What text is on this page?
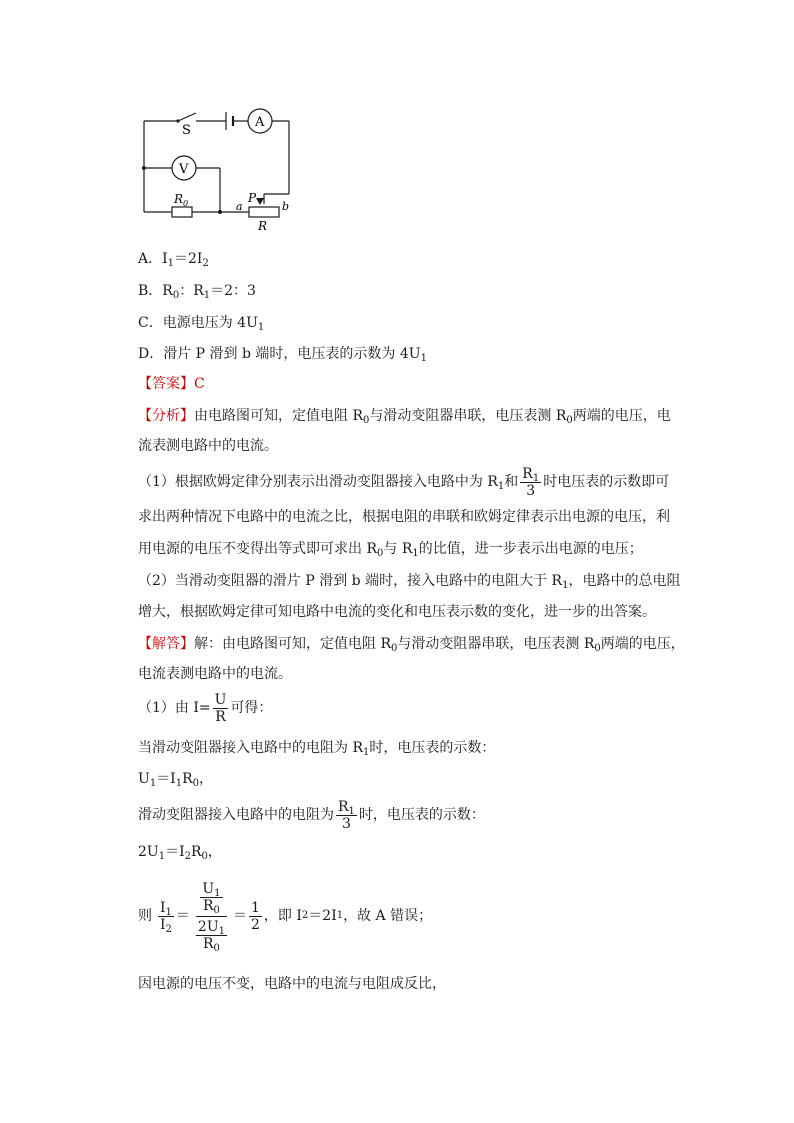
S
A
V
$R_0$	P
a	b
R
A．$I_1=2I_2$
B．$R_0$：$R_1=2$：3
C．电源电压为 $4U_1$
D．滑片 P 滑到 b 端时，电压表的示数为 $4U_1$
【答案】C
【分析】由电路图可知，定值电阻 $R_0$与滑动变阻器串联，电压表测 $R_0$两端的电压，电
流表测电路中的电流。
（1）根据欧姆定律分别表示出滑动变阻器接入电路中为 $R_1$和 $\frac{R_1}{3}$ 时电压表的示数即可
求出两种情况下电路中的电流之比，根据电阻的串联和欧姆定律表示出电源的电压，利
用电源的电压不变得出等式即可求出 $R_0$与 $R_1$的比值，进一步表示出电源的电压；
（2）当滑动变阻器的滑片 P 滑到 b 端时，接入电路中的电阻大于 $R_1$，电路中的总电阻
增大，根据欧姆定律可知电路中电流的变化和电压表示数的变化，进一步的出答案。
【解答】解：由电路图可知，定值电阻 $R_0$与滑动变阻器串联，电压表测 $R_0$两端的电压，
电流表测电路中的电流。
（1）由 $I= \frac{U}{R}$ 可得：
当滑动变阻器接入电路中的电阻为 $R_1$时，电压表的示数：
$U_1=I_1R_0$，
滑动变阻器接入电路中的电阻为 $\frac{R_1}{3}$ 时，电压表的示数：
$2U_1=I_2R_0$，
则 $\frac{I_1}{I_2}$ ＝
$\frac{U_1}{R_0}$
$\frac{2U_1}{R_0}$
＝ $\frac{1}{2}$ ，即 I 2 ＝2I 1 ，故 A 错误；
因电源的电压不变，电路中的电流与电阻成反比，
